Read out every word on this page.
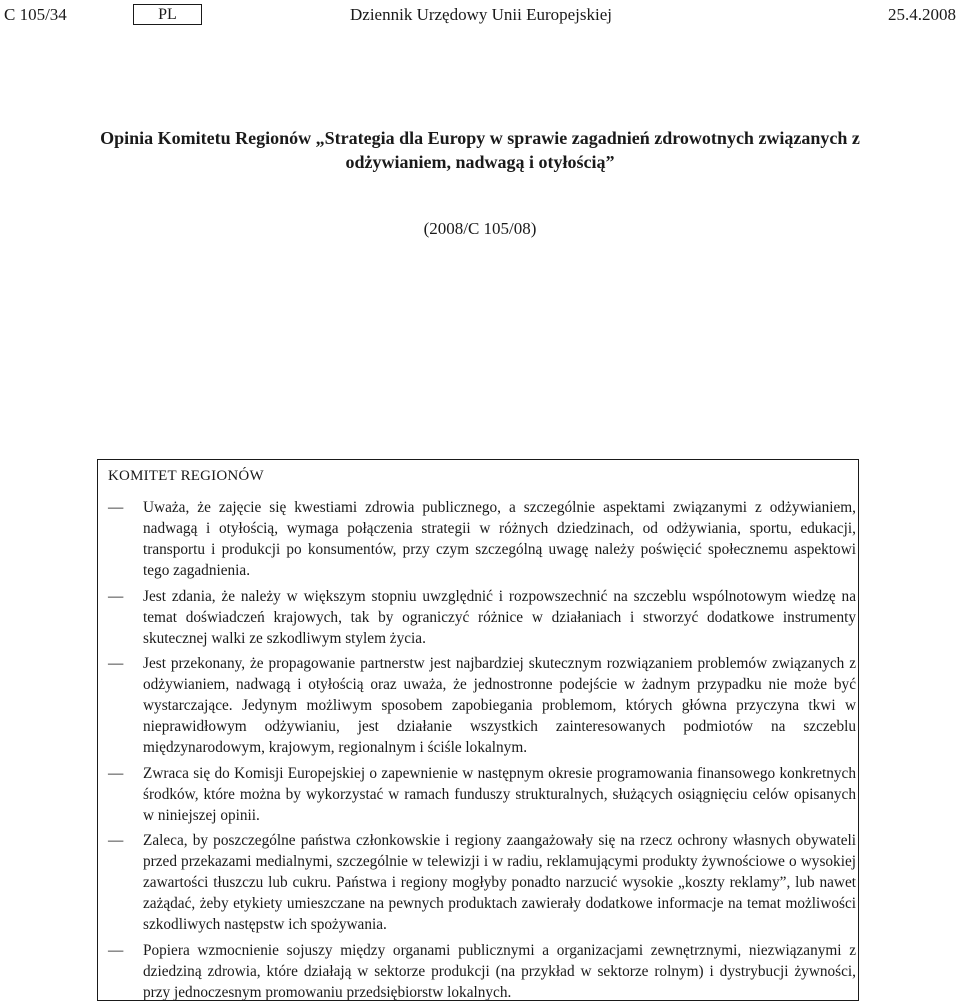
C 105/34	PL	Dziennik Urzędowy Unii Europejskiej	25.4.2008
Opinia Komitetu Regionów „Strategia dla Europy w sprawie zagadnień zdrowotnych związanych z
odżywianiem, nadwagą i otyłością”
(2008/C 105/08)
KOMITET REGIONÓW
—	Uważa, że zajęcie się kwestiami zdrowia publicznego, a szczególnie aspektami związanymi z odżywianiem, nadwagą i otyłością, wymaga połączenia strategii w różnych dziedzinach, od odżywiania, sportu, edukacji, transportu i produkcji po konsumentów, przy czym szczególną uwagę należy poświęcić społecznemu aspektowi tego zagadnienia.
—	Jest zdania, że należy w większym stopniu uwzględnić i rozpowszechnić na szczeblu wspólnotowym wiedzę na temat doświadczeń krajowych, tak by ograniczyć różnice w działaniach i stworzyć dodatkowe instrumenty skutecznej walki ze szkodliwym stylem życia.
—	Jest przekonany, że propagowanie partnerstw jest najbardziej skutecznym rozwiązaniem problemów związanych z odżywianiem, nadwagą i otyłością oraz uważa, że jednostronne podejście w żadnym przypadku nie może być wystarczające. Jedynym możliwym sposobem zapobiegania problemom, których główna przyczyna tkwi w nieprawidłowym odżywianiu, jest działanie wszystkich zainteresowanych podmiotów na szczeblu międzynarodowym, krajowym, regionalnym i ściśle lokalnym.
—	Zwraca się do Komisji Europejskiej o zapewnienie w następnym okresie programowania finansowego konkretnych środków, które można by wykorzystać w ramach funduszy strukturalnych, służących osiągnięciu celów opisanych w niniejszej opinii.
—	Zaleca, by poszczególne państwa członkowskie i regiony zaangażowały się na rzecz ochrony własnych obywateli przed przekazami medialnymi, szczególnie w telewizji i w radiu, reklamującymi produkty żywnościowe o wysokiej zawartości tłuszczu lub cukru. Państwa i regiony mogłyby ponadto narzucić wysokie „koszty reklamy”, lub nawet zażądać, żeby etykiety umieszczane na pewnych produktach zawierały dodatkowe informacje na temat możliwości szkodliwych następstw ich spożywania.
—	Popiera wzmocnienie sojuszy między organami publicznymi a organizacjami zewnętrznymi, niezwiązanymi z dziedziną zdrowia, które działają w sektorze produkcji (na przykład w sektorze rolnym) i dystrybucji żywności, przy jednoczesnym promowaniu przedsiębiorstw lokalnych.
